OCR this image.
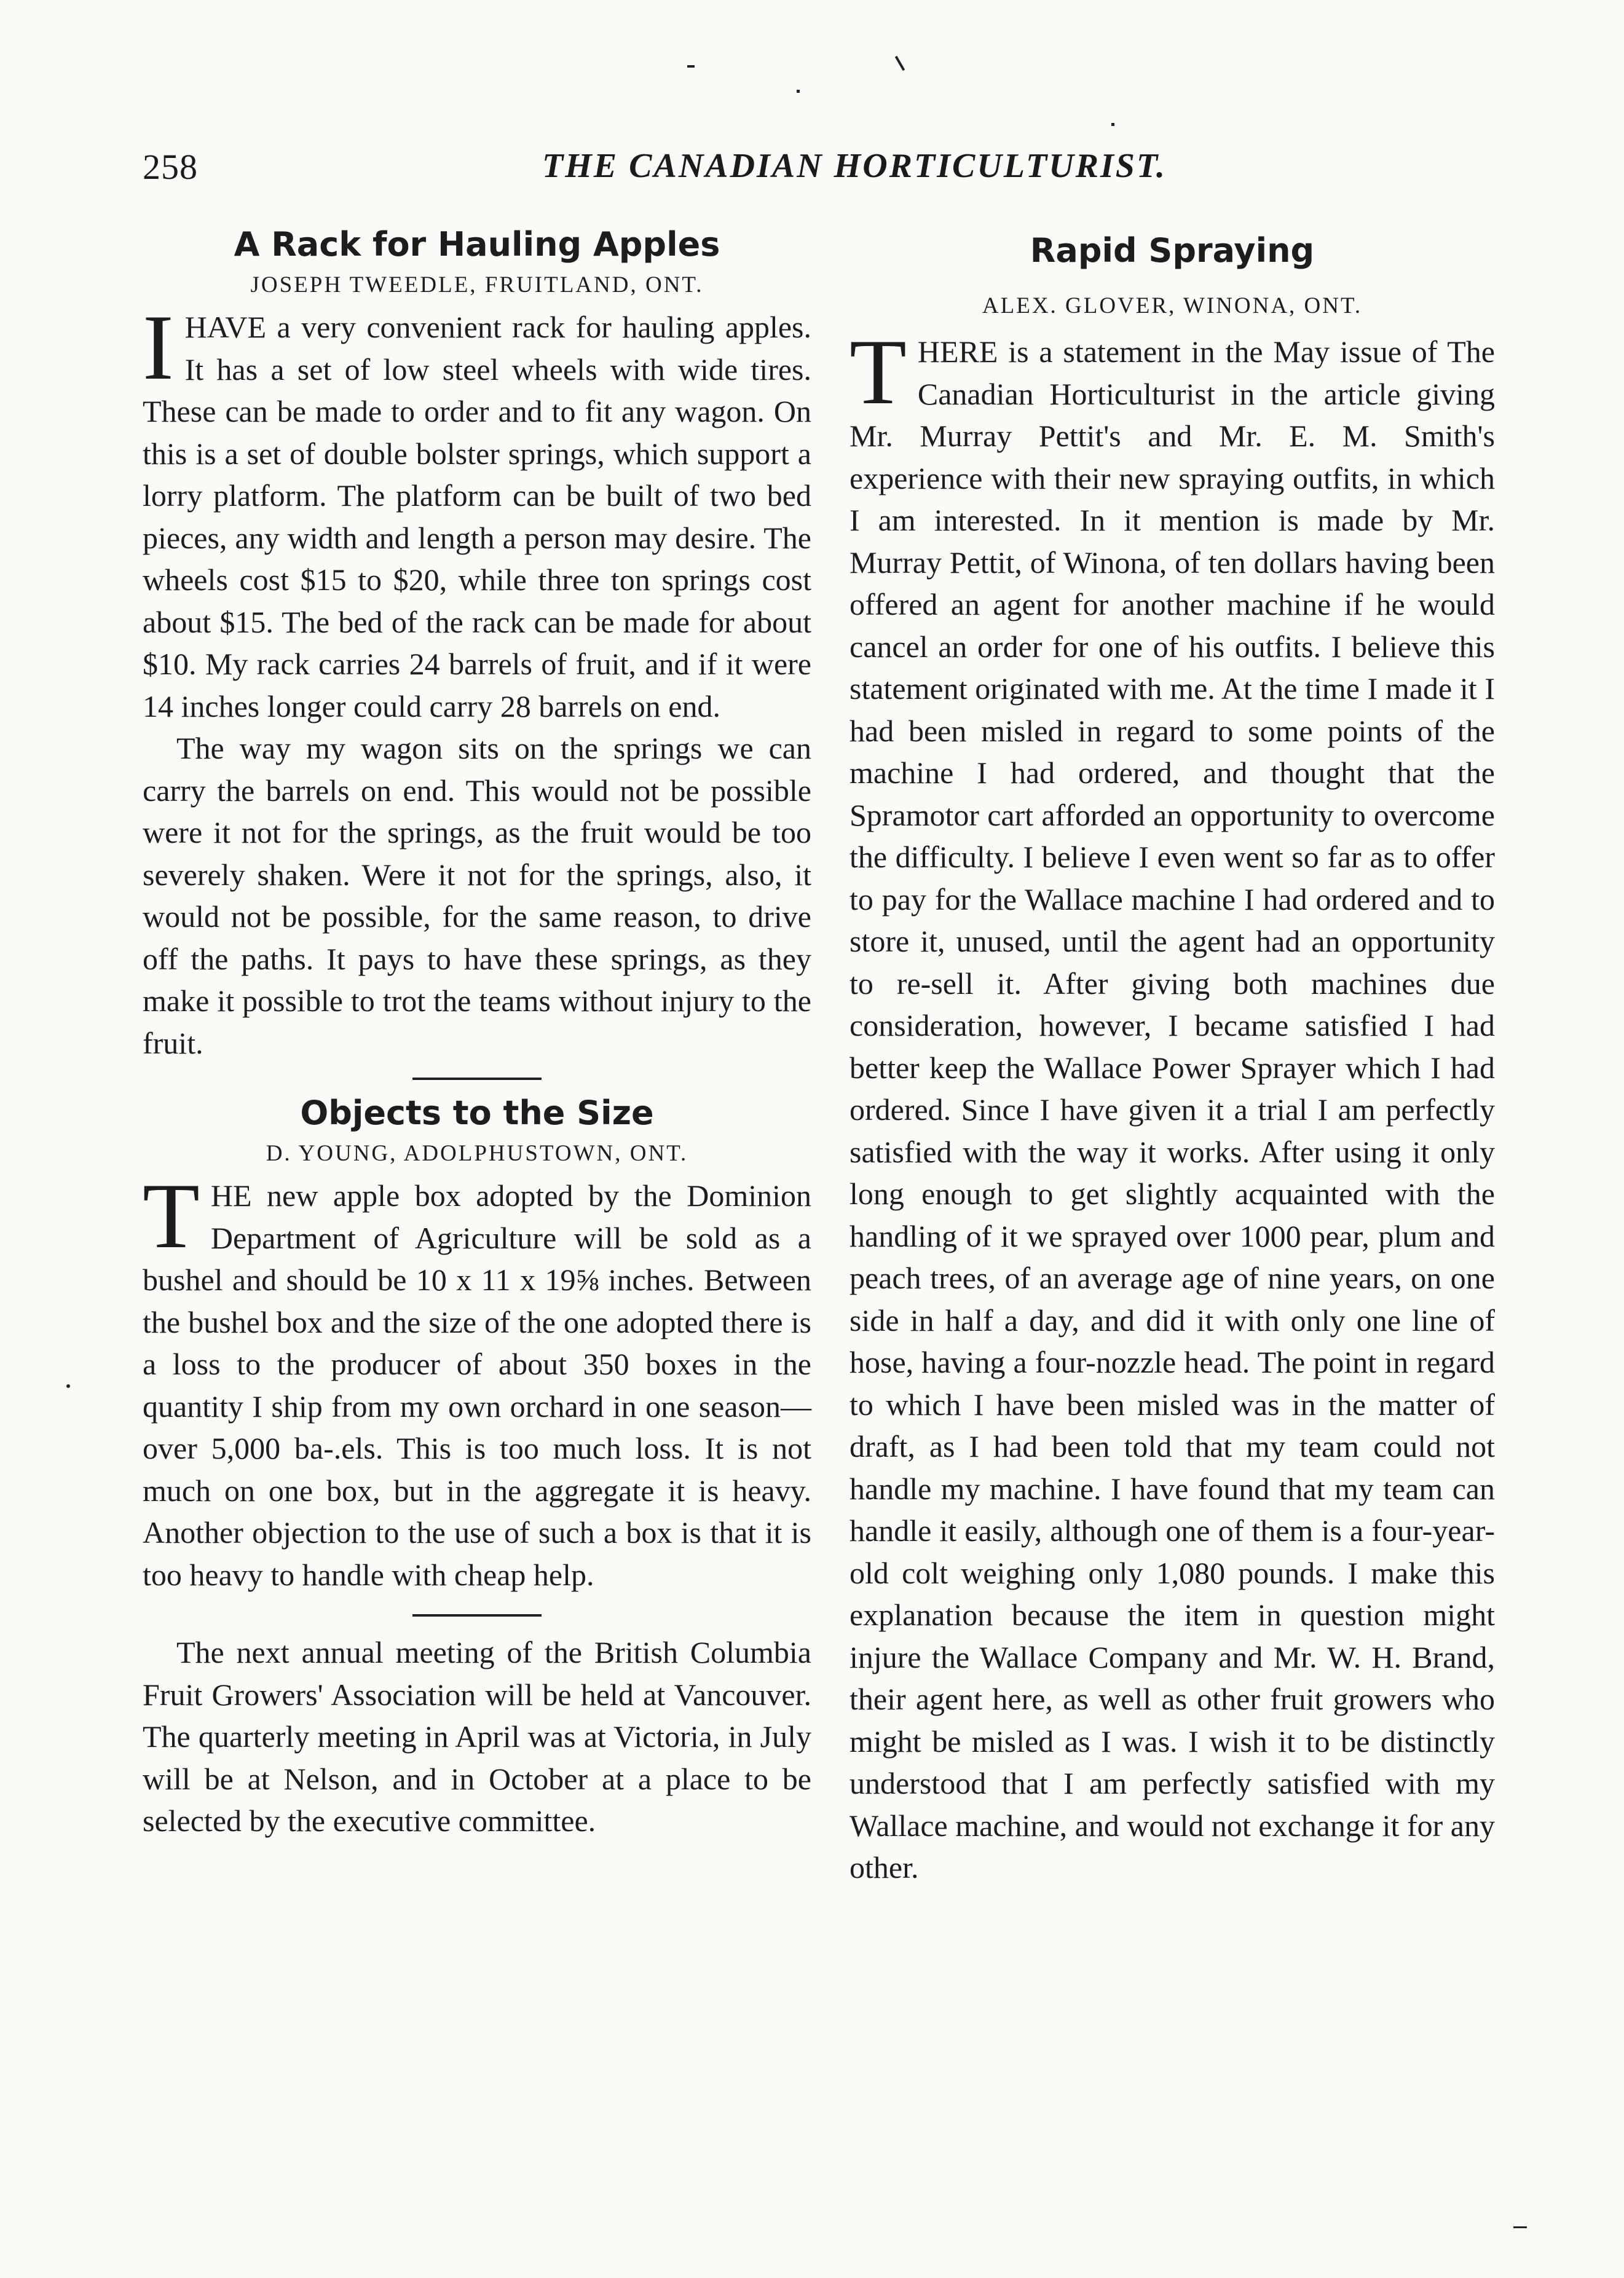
258	THE CANADIAN HORTICULTURIST.
A Rack for Hauling Apples
JOSEPH TWEEDLE, FRUITLAND, ONT.

IHAVE a very convenient rack for hauling apples. It has a set of low steel wheels with wide tires. These can be made to order and to fit any wagon. On this is a set of double bolster springs, which support a lorry platform. The platform can be built of two bed pieces, any width and length a person may desire. The wheels cost $15 to $20, while three ton springs cost about $15. The bed of the rack can be made for about $10. My rack carries 24 barrels of fruit, and if it were 14 inches longer could carry 28 barrels on end.

The way my wagon sits on the springs we can carry the barrels on end. This would not be possible were it not for the springs, as the fruit would be too severely shaken. Were it not for the springs, also, it would not be possible, for the same reason, to drive off the paths. It pays to have these springs, as they make it possible to trot the teams without injury to the fruit.

Objects to the Size
D. YOUNG, ADOLPHUSTOWN, ONT.

THE new apple box adopted by the Dominion Department of Agriculture will be sold as a bushel and should be 10 x 11 x 19⅝ inches. Between the bushel box and the size of the one adopted there is a loss to the producer of about 350 boxes in the quantity I ship from my own orchard in one season—over 5,000 ba-.els. This is too much loss. It is not much on one box, but in the aggregate it is heavy. Another objection to the use of such a box is that it is too heavy to handle with cheap help.

The next annual meeting of the British Columbia Fruit Growers' Association will be held at Vancouver. The quarterly meeting in April was at Victoria, in July will be at Nelson, and in October at a place to be selected by the executive committee.

Rapid Spraying
ALEX. GLOVER, WINONA, ONT.

THERE is a statement in the May issue of The Canadian Horticulturist in the article giving Mr. Murray Pettit's and Mr. E. M. Smith's experience with their new spraying outfits, in which I am interested. In it mention is made by Mr. Murray Pettit, of Winona, of ten dollars having been offered an agent for another machine if he would cancel an order for one of his outfits. I believe this statement originated with me. At the time I made it I had been misled in regard to some points of the machine I had ordered, and thought that the Spramotor cart afforded an opportunity to overcome the difficulty. I believe I even went so far as to offer to pay for the Wallace machine I had ordered and to store it, unused, until the agent had an opportunity to re-sell it. After giving both machines due consideration, however, I became satisfied I had better keep the Wallace Power Sprayer which I had ordered. Since I have given it a trial I am perfectly satisfied with the way it works. After using it only long enough to get slightly acquainted with the handling of it we sprayed over 1000 pear, plum and peach trees, of an average age of nine years, on one side in half a day, and did it with only one line of hose, having a four-nozzle head. The point in regard to which I have been misled was in the matter of draft, as I had been told that my team could not handle my machine. I have found that my team can handle it easily, although one of them is a four-year-old colt weighing only 1,080 pounds. I make this explanation because the item in question might injure the Wallace Company and Mr. W. H. Brand, their agent here, as well as other fruit growers who might be misled as I was. I wish it to be distinctly understood that I am perfectly satisfied with my Wallace machine, and would not exchange it for any other.
